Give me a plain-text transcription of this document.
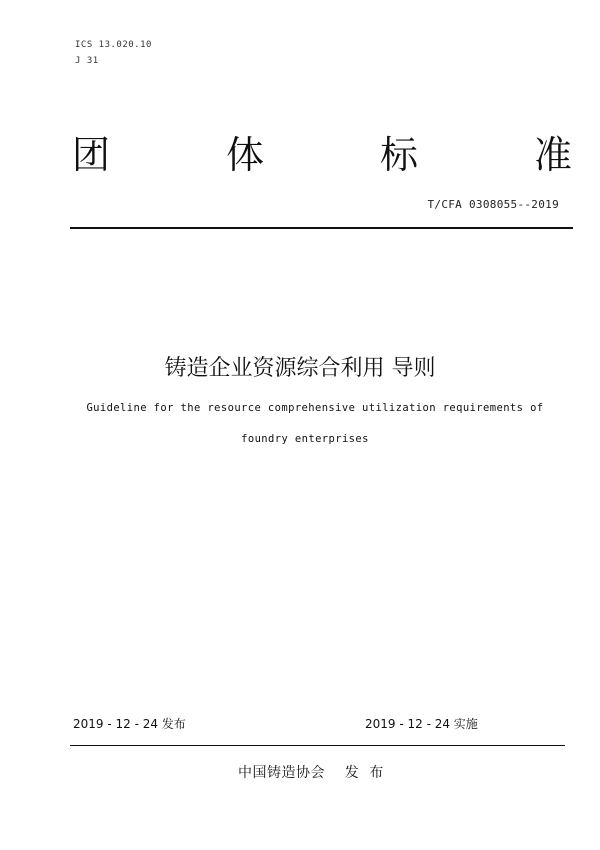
ICS 13.020.10
J 31
团	体	标	准
T/CFA 0308055--2019
铸造企业资源综合利用 导则
Guideline for the resource comprehensive utilization requirements of
foundry enterprises
2019 - 12 - 24 发布	2019 - 12 - 24 实施
中国铸造协会    发  布
